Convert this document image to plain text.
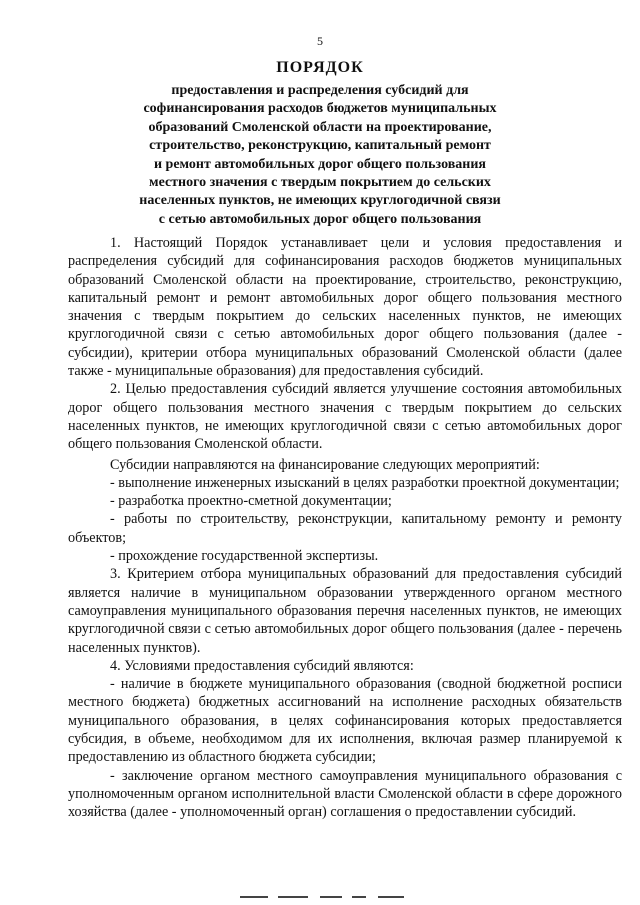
5
ПОРЯДОК
предоставления и распределения субсидий для
софинансирования расходов бюджетов муниципальных
образований Смоленской области на проектирование,
строительство, реконструкцию, капитальный ремонт
и ремонт автомобильных дорог общего пользования
местного значения с твердым покрытием до сельских
населенных пунктов, не имеющих круглогодичной связи
с сетью автомобильных дорог общего пользования

1. Настоящий Порядок устанавливает цели и условия предоставления и распределения субсидий для софинансирования расходов бюджетов муниципальных образований Смоленской области на проектирование, строительство, реконструкцию, капитальный ремонт и ремонт автомобильных дорог общего пользования местного значения с твердым покрытием до сельских населенных пунктов, не имеющих круглогодичной связи с сетью автомобильных дорог общего пользования (далее - субсидии), критерии отбора муниципальных образований Смоленской области (далее также - муниципальные образования) для предоставления субсидий.

2. Целью предоставления субсидий является улучшение состояния автомобильных дорог общего пользования местного значения с твердым покрытием до сельских населенных пунктов, не имеющих круглогодичной связи с сетью автомобильных дорог общего пользования Смоленской области.

Субсидии направляются на финансирование следующих мероприятий:

- выполнение инженерных изысканий в целях разработки проектной документации;

- разработка проектно-сметной документации;

- работы по строительству, реконструкции, капитальному ремонту и ремонту объектов;

- прохождение государственной экспертизы.

3. Критерием отбора муниципальных образований для предоставления субсидий является наличие в муниципальном образовании утвержденного органом местного самоуправления муниципального образования перечня населенных пунктов, не имеющих круглогодичной связи с сетью автомобильных дорог общего пользования (далее - перечень населенных пунктов).

4. Условиями предоставления субсидий являются:

- наличие в бюджете муниципального образования (сводной бюджетной росписи местного бюджета) бюджетных ассигнований на исполнение расходных обязательств муниципального образования, в целях софинансирования которых предоставляется субсидия, в объеме, необходимом для их исполнения, включая размер планируемой к предоставлению из областного бюджета субсидии;

- заключение органом местного самоуправления муниципального образования с уполномоченным органом исполнительной власти Смоленской области в сфере дорожного хозяйства (далее - уполномоченный орган) соглашения о предоставлении субсидий.
